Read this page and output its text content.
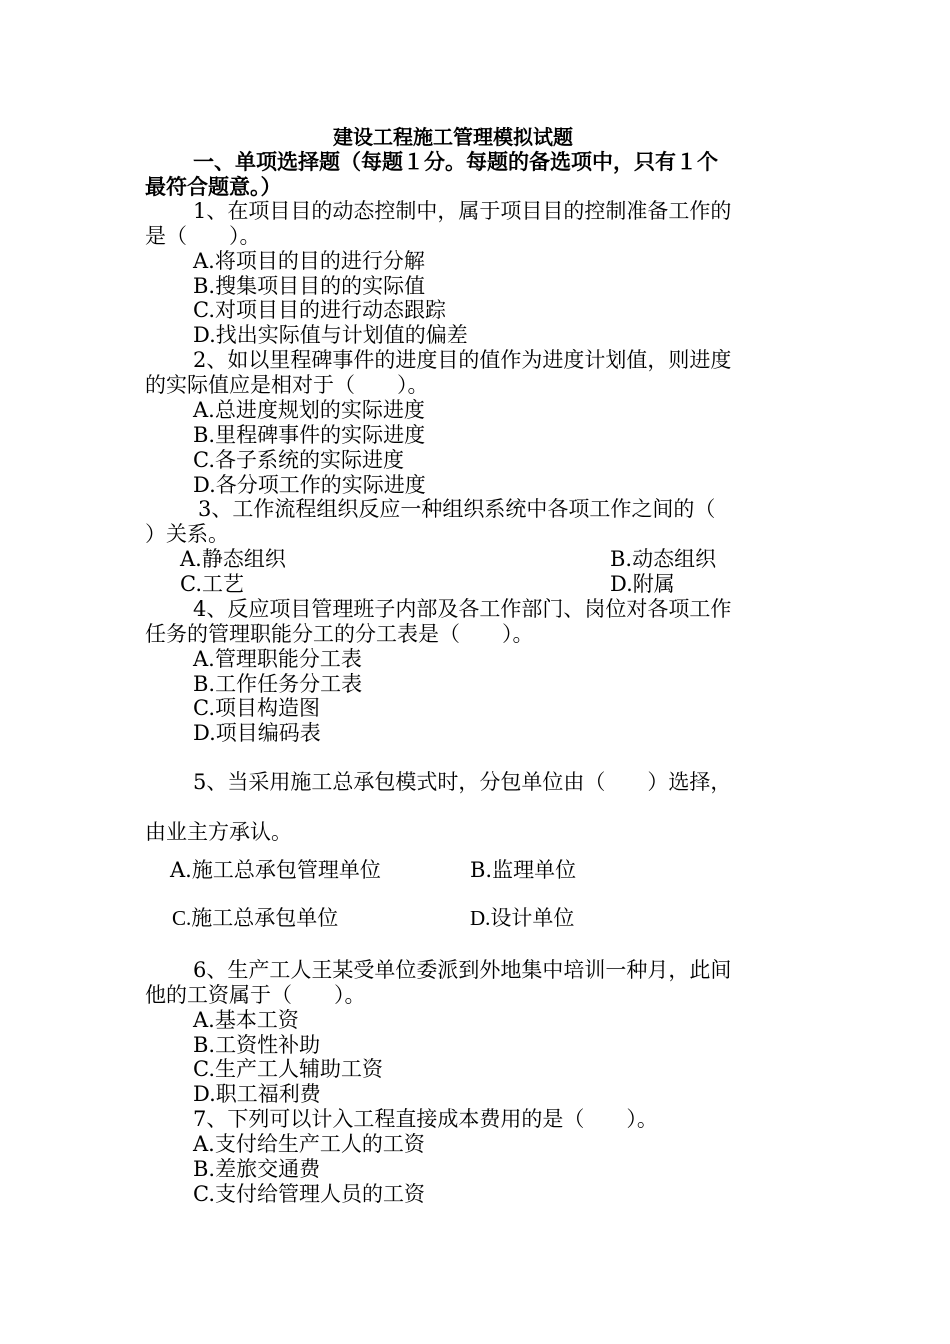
建设工程施工管理模拟试题
一、单项选择题（每题１分。每题的备选项中，只有１个
最符合题意。）
1、在项目目的动态控制中，属于项目目的控制准备工作的
是（　　）。
A.将项目的目的进行分解
B.搜集项目目的的实际值
C.对项目目的进行动态跟踪
D.找出实际值与计划值的偏差
2、如以里程碑事件的进度目的值作为进度计划值，则进度
的实际值应是相对于（　　）。
A.总进度规划的实际进度
B.里程碑事件的实际进度
C.各子系统的实际进度
D.各分项工作的实际进度
3、工作流程组织反应一种组织系统中各项工作之间的（
）关系。
A.静态组织	B.动态组织
C.工艺	D.附属
4、反应项目管理班子内部及各工作部门、岗位对各项工作
任务的管理职能分工的分工表是（　　）。
A.管理职能分工表
B.工作任务分工表
C.项目构造图
D.项目编码表
5、当采用施工总承包模式时，分包单位由（　　）选择，
由业主方承认。
A.施工总承包管理单位	B.监理单位
C.施工总承包单位	D.设计单位
6、生产工人王某受单位委派到外地集中培训一种月，此间
他的工资属于（　　）。
A.基本工资
B.工资性补助
C.生产工人辅助工资
D.职工福利费
7、下列可以计入工程直接成本费用的是（　　）。
A.支付给生产工人的工资
B.差旅交通费
C.支付给管理人员的工资
